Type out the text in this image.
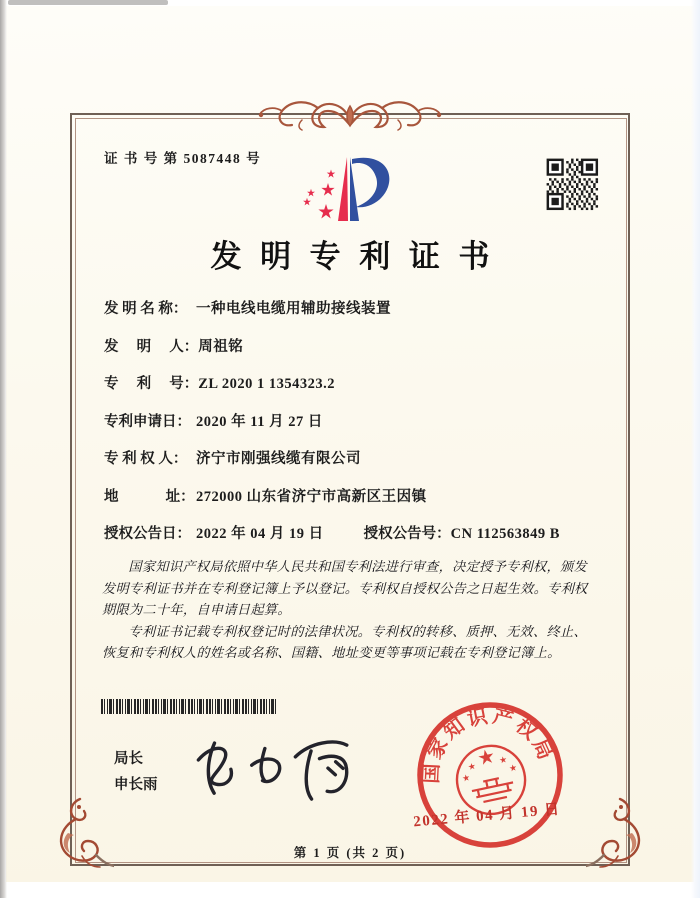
证 书 号 第 5087448 号
发明专利证书
发 明 名 称： 一种电线电缆用辅助接线装置
发　 明　 人：周祖铭
专　 利　 号：ZL 2020 1 1354323.2
专利申请日： 2020 年 11 月 27 日
专 利 权 人： 济宁市刚强线缆有限公司
地　　　 址：272000 山东省济宁市高新区王因镇
授权公告日： 2022 年 04 月 19 日	授权公告号：CN 112563849 B

国家知识产权局依照中华人民共和国专利法进行审查，决定授予专利权，颁发发明专利证书并在专利登记簿上予以登记。专利权自授权公告之日起生效。专利权期限为二十年，自申请日起算。

专利证书记载专利权登记时的法律状况。专利权的转移、质押、无效、终止、恢复和专利权人的姓名或名称、国籍、地址变更等事项记载在专利登记簿上。

局长
申长雨
国家知识产权局
2022 年 04 月 19 日
第 1 页 (共 2 页)
